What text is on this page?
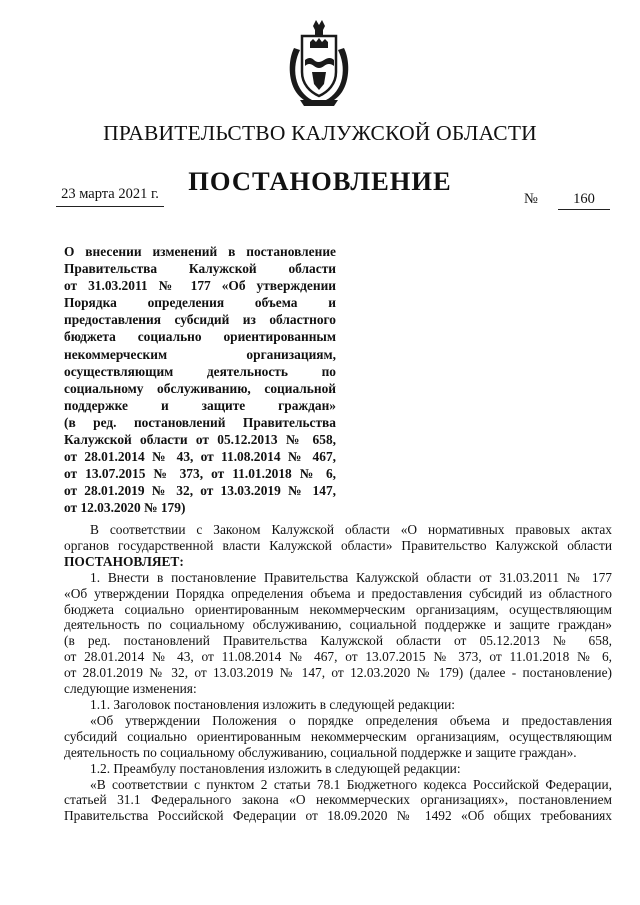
ПРАВИТЕЛЬСТВО КАЛУЖСКОЙ ОБЛАСТИ
ПОСТАНОВЛЕНИЕ
23 марта 2021 г.	№ 160
О внесении изменений в постановление
Правительства Калужской области
от 31.03.2011 № 177 «Об утверждении
Порядка определения объема и
предоставления субсидий из областного
бюджета социально ориентированным
некоммерческим организациям,
осуществляющим деятельность по
социальному обслуживанию, социальной
поддержке и защите граждан»
(в ред. постановлений Правительства
Калужской области от 05.12.2013 № 658,
от 28.01.2014 № 43, от 11.08.2014 № 467,
от 13.07.2015 № 373, от 11.01.2018 № 6,
от 28.01.2019 № 32, от 13.03.2019 № 147,
от 12.03.2020 № 179)
В соответствии с Законом Калужской области «О нормативных правовых актах
органов государственной власти Калужской области» Правительство Калужской области
ПОСТАНОВЛЯЕТ:
1. Внести в постановление Правительства Калужской области от 31.03.2011 № 177
«Об утверждении Порядка определения объема и предоставления субсидий из областного
бюджета социально ориентированным некоммерческим организациям, осуществляющим
деятельность по социальному обслуживанию, социальной поддержке и защите граждан»
(в ред. постановлений Правительства Калужской области от 05.12.2013 № 658,
от 28.01.2014 № 43, от 11.08.2014 № 467, от 13.07.2015 № 373, от 11.01.2018 № 6,
от 28.01.2019 № 32, от 13.03.2019 № 147, от 12.03.2020 № 179) (далее - постановление)
следующие изменения:
1.1. Заголовок постановления изложить в следующей редакции:
«Об утверждении Положения о порядке определения объема и предоставления
субсидий социально ориентированным некоммерческим организациям, осуществляющим
деятельность по социальному обслуживанию, социальной поддержке и защите граждан».
1.2. Преамбулу постановления изложить в следующей редакции:
«В соответствии с пунктом 2 статьи 78.1 Бюджетного кодекса Российской Федерации,
статьей 31.1 Федерального закона «О некоммерческих организациях», постановлением
Правительства Российской Федерации от 18.09.2020 № 1492 «Об общих требованиях
